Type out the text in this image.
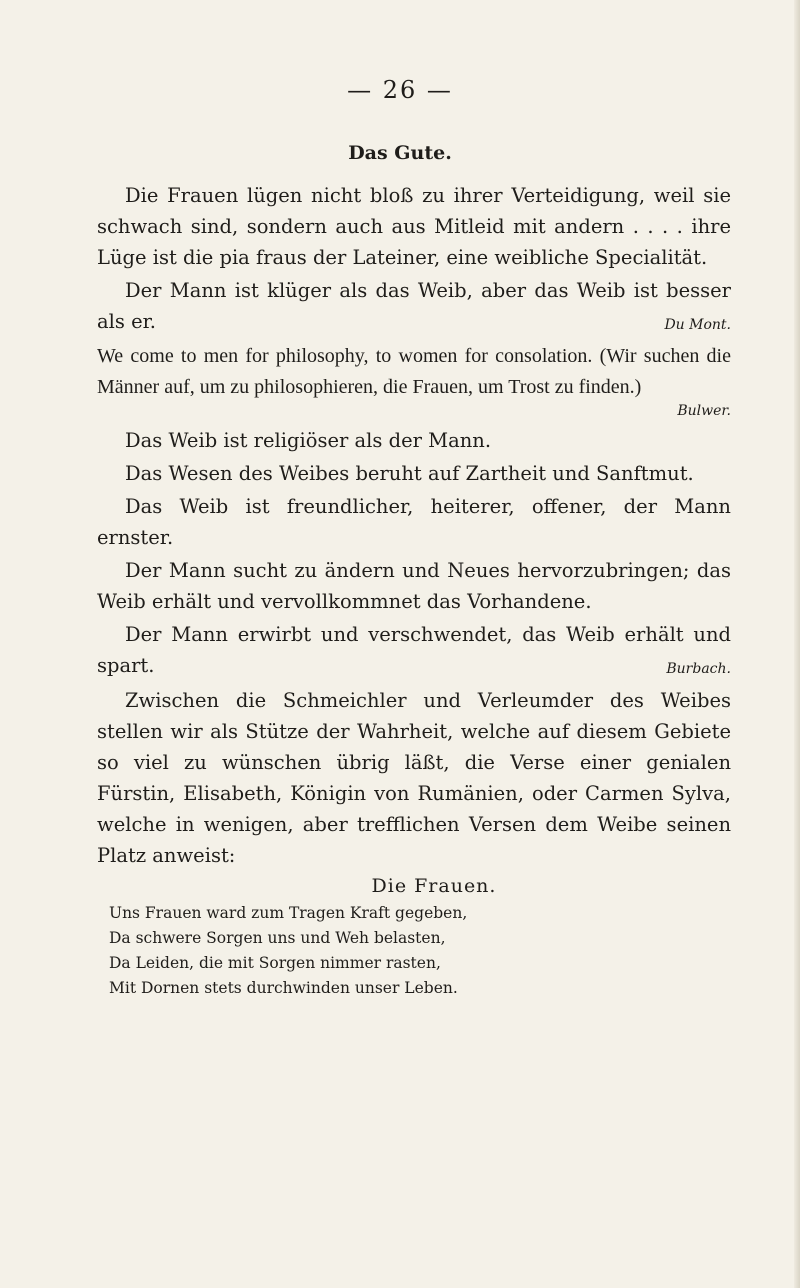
— 26 —
Das Gute.

Die Frauen lügen nicht bloß zu ihrer Verteidigung, weil sie schwach sind, sondern auch aus Mitleid mit andern . . . . ihre Lüge ist die pia fraus der Lateiner, eine weibliche Specialität.

Der Mann ist klüger als das Weib, aber das Weib ist besser als er.	Du Mont.

We come to men for philosophy, to women for consolation. (Wir suchen die Männer auf, um zu philosophieren, die Frauen, um Trost zu finden.)

Bulwer.

Das Weib ist religiöser als der Mann.

Das Wesen des Weibes beruht auf Zartheit und Sanftmut.

Das Weib ist freundlicher, heiterer, offener, der Mann ernster.

Der Mann sucht zu ändern und Neues hervorzubringen; das Weib erhält und vervollkommnet das Vorhandene.

Der Mann erwirbt und verschwendet, das Weib erhält und spart.	Burbach.

Zwischen die Schmeichler und Verleumder des Weibes stellen wir als Stütze der Wahrheit, welche auf diesem Gebiete so viel zu wünschen übrig läßt, die Verse einer genialen Fürstin, Elisabeth, Königin von Rumänien, oder Carmen Sylva, welche in wenigen, aber trefflichen Versen dem Weibe seinen Platz anweist:

Die Frauen.
Uns Frauen ward zum Tragen Kraft gegeben,
Da schwere Sorgen uns und Weh belasten,
Da Leiden, die mit Sorgen nimmer rasten,
Mit Dornen stets durchwinden unser Leben.
